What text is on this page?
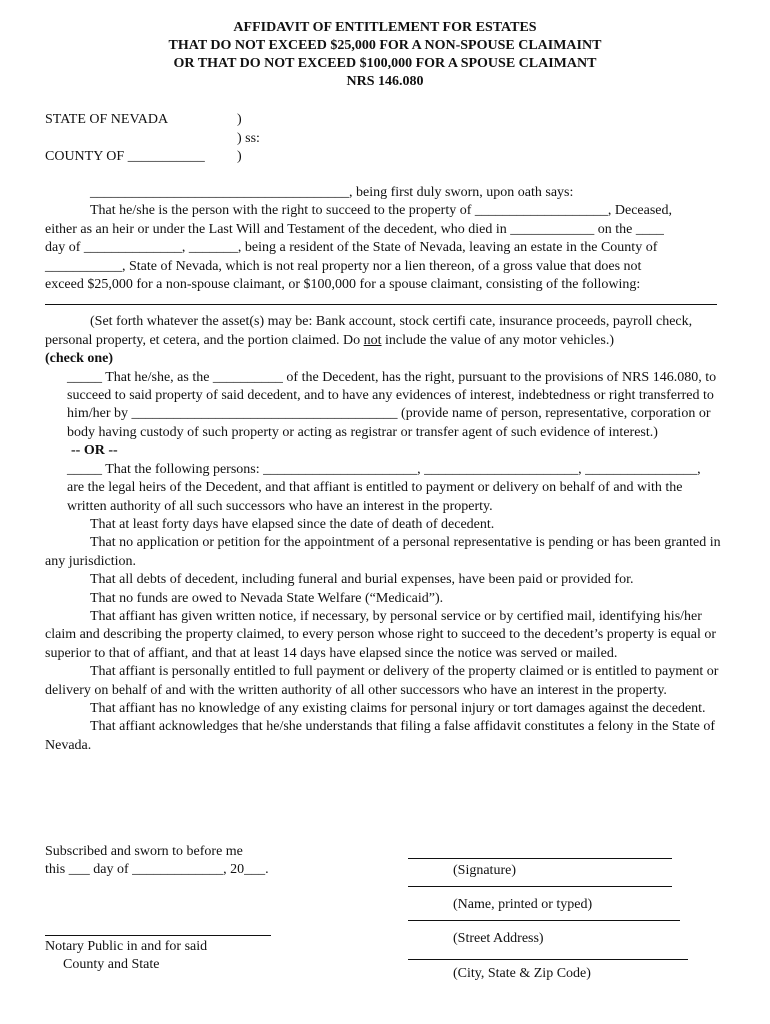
AFFIDAVIT OF ENTITLEMENT FOR ESTATES
THAT DO NOT EXCEED $25,000 FOR A NON-SPOUSE CLAIMAINT
OR THAT DO NOT EXCEED $100,000 FOR A SPOUSE CLAIMANT
NRS 146.080
STATE OF NEVADA	)
) ss:
COUNTY OF ___________ )

_____________________________________, being first duly sworn, upon oath says:

That he/she is the person with the right to succeed to the property of ___________________, Deceased,

either as an heir or under the Last Will and Testament of the decedent, who died in ____________ on the ____

day of ______________, _______, being a resident of the State of Nevada, leaving an estate in the County of

___________, State of Nevada, which is not real property nor a lien thereon, of a gross value that does not

exceed $25,000 for a non-spouse claimant, or $100,000 for a spouse claimant, consisting of the following:

(Set forth whatever the asset(s) may be: Bank account, stock certifi cate, insurance proceeds, payroll check, personal property, et cetera, and the portion claimed. Do not include the value of any motor vehicles.)

(check one)

_____ That he/she, as the __________ of the Decedent, has the right, pursuant to the provisions of NRS 146.080, to succeed to said property of said decedent, and to have any evidences of interest, indebtedness or right transferred to him/her by ______________________________________ (provide name of person, representative, corporation or body having custody of such property or acting as registrar or transfer agent of such evidence of interest.)

-- OR --

_____ That the following persons: ______________________, ______________________, ________________,

are the legal heirs of the Decedent, and that affiant is entitled to payment or delivery on behalf of and with the written authority of all such successors who have an interest in the property.

That at least forty days have elapsed since the date of death of decedent.

That no application or petition for the appointment of a personal representative is pending or has been granted in any jurisdiction.

That all debts of decedent, including funeral and burial expenses, have been paid or provided for.

That no funds are owed to Nevada State Welfare (“Medicaid”).

That affiant has given written notice, if necessary, by personal service or by certified mail, identifying his/her claim and describing the property claimed, to every person whose right to succeed to the decedent’s property is equal or superior to that of affiant, and that at least 14 days have elapsed since the notice was served or mailed.

That affiant is personally entitled to full payment or delivery of the property claimed or is entitled to payment or delivery on behalf of and with the written authority of all other successors who have an interest in the property.

That affiant has no knowledge of any existing claims for personal injury or tort damages against the decedent.

That affiant acknowledges that he/she understands that filing a false affidavit constitutes a felony in the State of Nevada.

Subscribed and sworn to before me
this ___ day of _____________, 20___.
Notary Public in and for said
County and State
(Signature)
(Name, printed or typed)
(Street Address)
(City, State & Zip Code)
